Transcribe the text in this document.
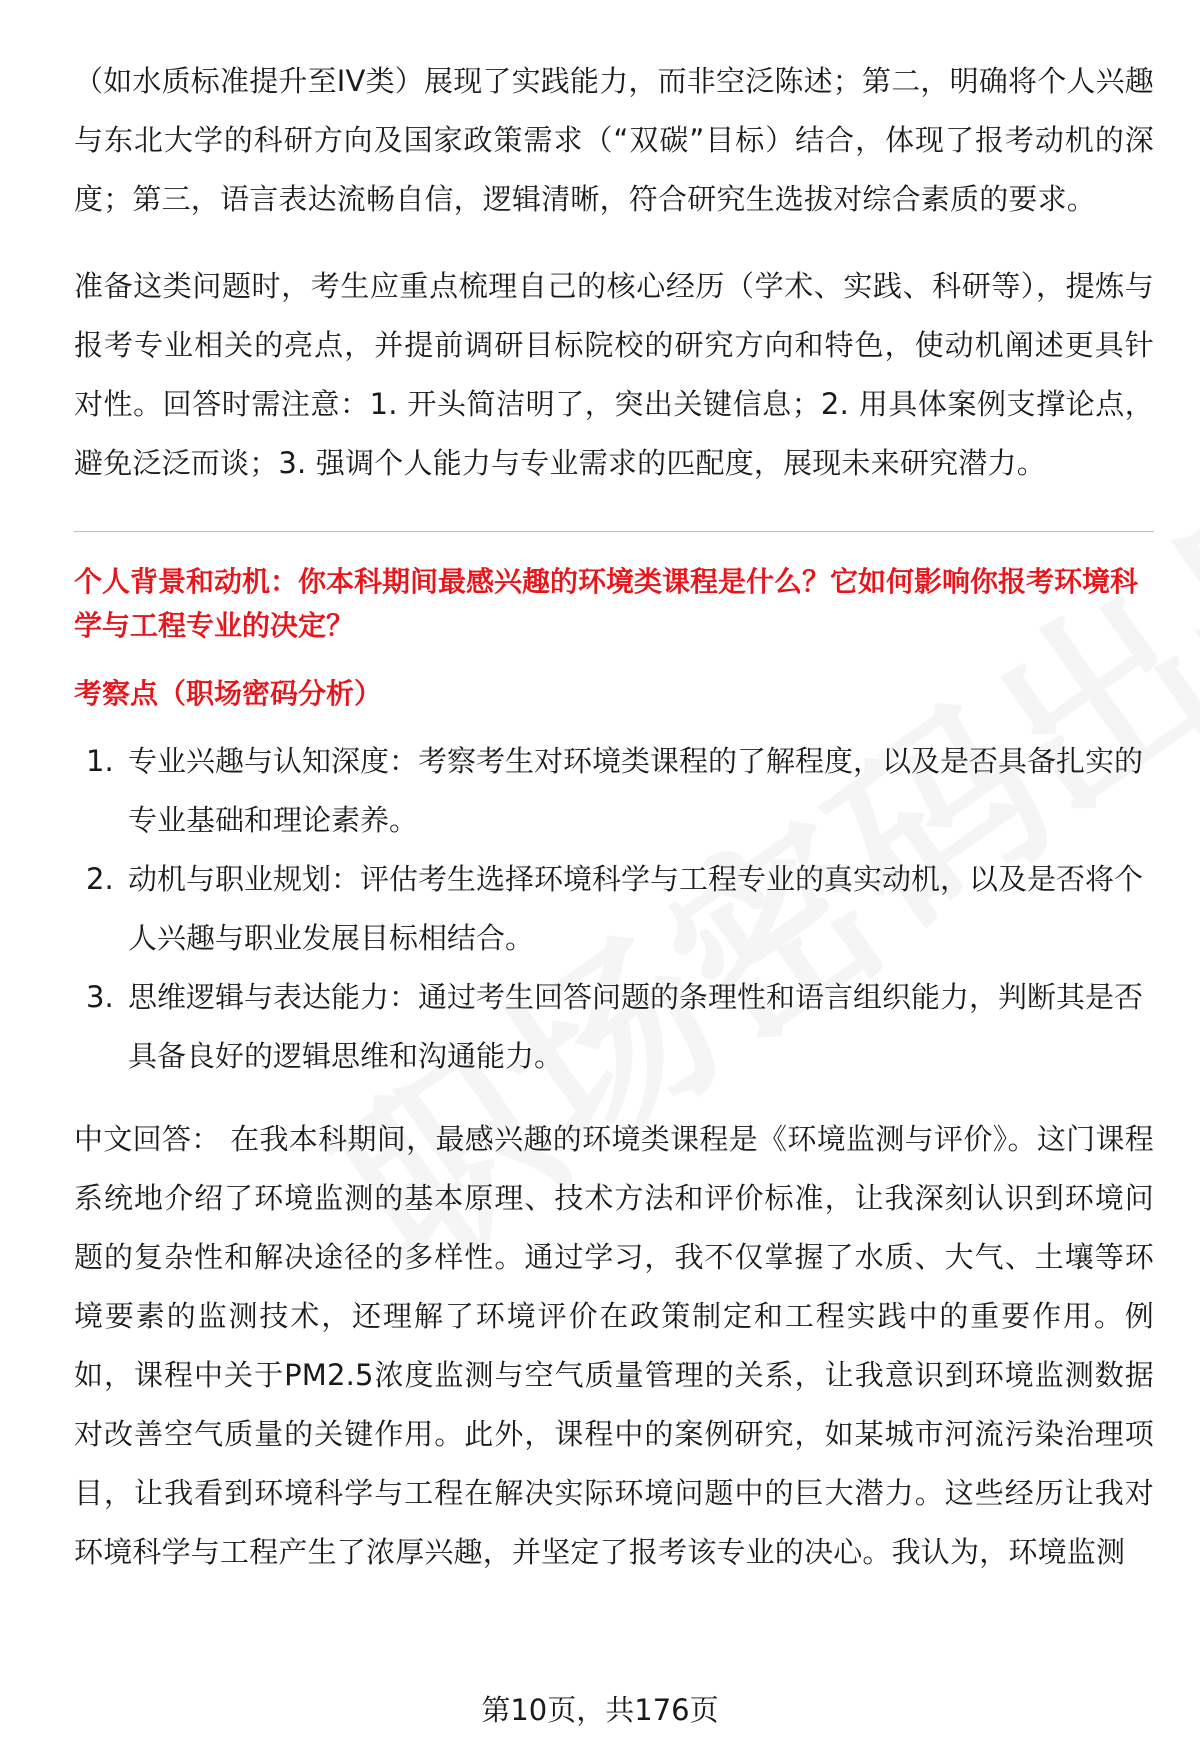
（如水质标准提升至IV类）展现了实践能力，而非空泛陈述；第二，明确将个人兴趣与东北大学的科研方向及国家政策需求（“双碳”目标）结合，体现了报考动机的深度；第三，语言表达流畅自信，逻辑清晰，符合研究生选拔对综合素质的要求。

准备这类问题时，考生应重点梳理自己的核心经历（学术、实践、科研等），提炼与报考专业相关的亮点，并提前调研目标院校的研究方向和特色，使动机阐述更具针对性。回答时需注意：1. 开头简洁明了，突出关键信息；2. 用具体案例支撑论点，避免泛泛而谈；3. 强调个人能力与专业需求的匹配度，展现未来研究潜力。

个人背景和动机：你本科期间最感兴趣的环境类课程是什么？它如何影响你报考环境科学与工程专业的决定？

考察点（职场密码分析）

1. 专业兴趣与认知深度：考察考生对环境类课程的了解程度，以及是否具备扎实的专业基础和理论素养。
2. 动机与职业规划：评估考生选择环境科学与工程专业的真实动机，以及是否将个人兴趣与职业发展目标相结合。
3. 思维逻辑与表达能力：通过考生回答问题的条理性和语言组织能力，判断其是否具备良好的逻辑思维和沟通能力。

中文回答： 在我本科期间，最感兴趣的环境类课程是《环境监测与评价》。这门课程系统地介绍了环境监测的基本原理、技术方法和评价标准，让我深刻认识到环境问题的复杂性和解决途径的多样性。通过学习，我不仅掌握了水质、大气、土壤等环境要素的监测技术，还理解了环境评价在政策制定和工程实践中的重要作用。例如，课程中关于PM2.5浓度监测与空气质量管理的关系，让我意识到环境监测数据对改善空气质量的关键作用。此外，课程中的案例研究，如某城市河流污染治理项目，让我看到环境科学与工程在解决实际环境问题中的巨大潜力。这些经历让我对环境科学与工程产生了浓厚兴趣，并坚定了报考该专业的决心。我认为，环境监测

第10页，共176页
